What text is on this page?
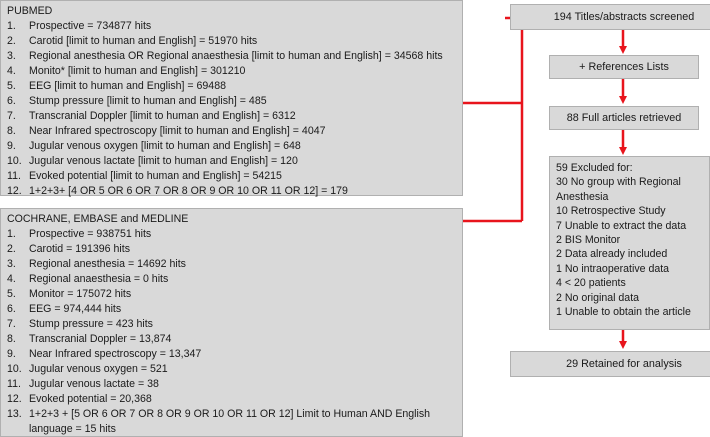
PUBMED
1.	Prospective = 734877 hits
2.	Carotid [limit to human and English] = 51970 hits
3.	Regional anesthesia OR Regional anaesthesia [limit to human and English] = 34568 hits
4.	Monito* [limit to human and English] = 301210
5.	EEG [limit to human and English] = 69488
6.	Stump pressure [limit to human and English] = 485
7.	Transcranial Doppler [limit to human and English] = 6312
8.	Near Infrared spectroscopy [limit to human and English] = 4047
9.	Jugular venous oxygen [limit to human and English] = 648
10. Jugular venous lactate [limit to human and English] = 120
11. Evoked potential [limit to human and English] = 54215
12. 1+2+3+ [4 OR 5 OR 6 OR 7 OR 8 OR 9 OR 10 OR 11 OR 12] = 179
COCHRANE, EMBASE and MEDLINE
1.	Prospective = 938751 hits
2.	Carotid = 191396 hits
3.	Regional anesthesia = 14692 hits
4.	Regional anaesthesia = 0 hits
5.	Monitor = 175072 hits
6.	EEG = 974,444 hits
7.	Stump pressure = 423 hits
8.	Transcranial Doppler = 13,874
9.	Near Infrared spectroscopy = 13,347
10. Jugular venous oxygen = 521
11. Jugular venous lactate = 38
12. Evoked potential = 20,368
13. 1+2+3 + [5 OR 6 OR 7 OR 8 OR 9 OR 10 OR 11 OR 12] Limit to Human AND English language = 15 hits
194 Titles/abstracts screened
+ References Lists
88 Full articles retrieved
59 Excluded for:
30 No group with Regional Anesthesia
10 Retrospective Study
7 Unable to extract the data
2 BIS Monitor
2 Data already included
1 No intraoperative data
4 < 20 patients
2 No original data
1 Unable to obtain the article
29 Retained for analysis
